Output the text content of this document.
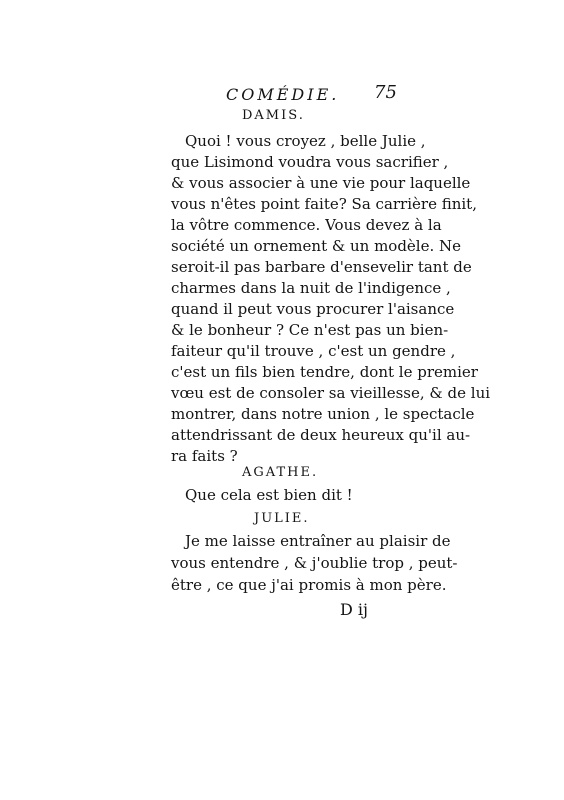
COMÉDIE. 75
DAMIS.
Quoi ! vous croyez , belle Julie ,
que Lisimond voudra vous sacrifier ,
& vous associer à une vie pour laquelle
vous n'êtes point faite? Sa carrière finit,
la vôtre commence. Vous devez à la
société un ornement & un modèle. Ne
seroit-il pas barbare d'ensevelir tant de
charmes dans la nuit de l'indigence ,
quand il peut vous procurer l'aisance
& le bonheur ? Ce n'est pas un bien-
faiteur qu'il trouve , c'est un gendre ,
c'est un fils bien tendre, dont le premier
vœu est de consoler sa vieillesse, & de lui
montrer, dans notre union , le spectacle
attendrissant de deux heureux qu'il au-
ra faits ?
AGATHE.
Que cela est bien dit !
JULIE.
Je me laisse entraîner au plaisir de
vous entendre , & j'oublie trop , peut-
être , ce que j'ai promis à mon père.
D ij
